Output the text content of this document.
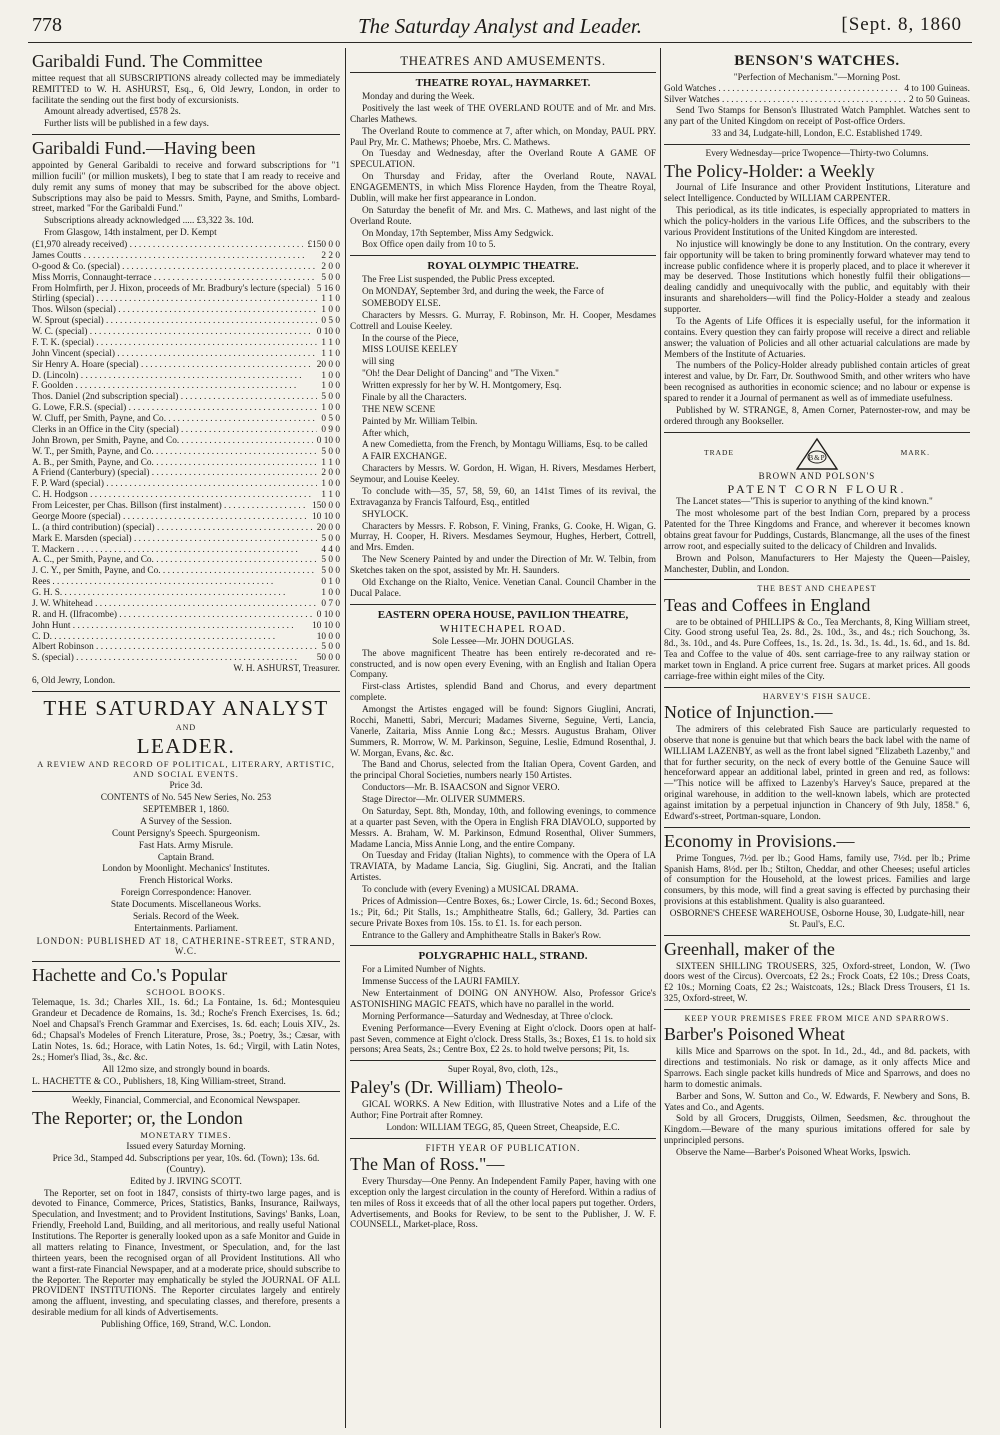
778	The Saturday Analyst and Leader.	[Sept. 8, 1860
Garibaldi Fund. The Committee

mittee request that all SUBSCRIPTIONS already collected may be immediately REMITTED to W. H. ASHURST, Esq., 6, Old Jewry, London, in order to facilitate the sending out the first body of excursionists.

Amount already advertised, £578 2s.

Further lists will be published in a few days.

Garibaldi Fund.—Having been

appointed by General Garibaldi to receive and forward subscriptions for "1 million fucili" (or million muskets), I beg to state that I am ready to receive and duly remit any sums of money that may be subscribed for the above object. Subscriptions may also be paid to Messrs. Smith, Payne, and Smiths, Lombard-street, marked "For the Garibaldi Fund."

Subscriptions already acknowledged ..... £3,322 3s. 10d.

From Glasgow, 14th instalment, per D. Kempt

(£1,970 already received) . . .	£150 0 0
James Coutts . . .	2 2 0
O-good & Co. (special) . . .	2 0 0
Miss Morris, Connaught-terrace . . .	5 0 0
From Holmfirth, per J. Hixon, proceeds of Mr. Bradbury's lecture (special) . . . 5 16 0
Stirling (special) . . .	1 1 0
Thos. Wilson (special) . . .	1 0 0
W. Sprout (special) . . .	0 5 0
W. C. (special) . . .	0 10 0
F. T. K. (special) . . .	1 1 0
John Vincent (special) . . .	1 1 0
Sir Henry A. Hoare (special) . . .	20 0 0
D. (Lincoln) . . .	1 0 0
F. Goolden . . .	1 0 0
Thos. Daniel (2nd subscription special) . . .	5 0 0
G. Lowe, F.R.S. (special) . . .	1 0 0
W. Cluff, per Smith, Payne, and Co. . . .	0 5 0
Clerks in an Office in the City (special) . . .	0 9 0
John Brown, per Smith, Payne, and Co. . . .	0 10 0
W. T., per Smith, Payne, and Co. . . .	5 0 0
A. B., per Smith, Payne, and Co. . . .	1 1 0
A Friend (Canterbury) (special) . . .	2 0 0
F. P. Ward (special) . . .	1 0 0
C. H. Hodgson . . .	1 1 0
From Leicester, per Chas. Billson (first instalment) . . .	150 0 0
George Moore (special) . . .	10 10 0
L. (a third contribution) (special) . . .	20 0 0
Mark E. Marsden (special) . . .	5 0 0
T. Mackern . . .	4 4 0
A. C., per Smith, Payne, and Co. . . .	5 0 0
J. C. Y., per Smith, Payne, and Co. . . .	5 0 0
Rees . . .	0 1 0
G. H. S. . . .	1 0 0
J. W. Whitehead . . .	0 7 0
R. and H. (Ilfracombe) . . .	0 10 0
John Hunt . . .	10 10 0
C. D. . . .	10 0 0
Albert Robinson . . .	5 0 0
S. (special) . . .	50 0 0

W. H. ASHURST, Treasurer.

6, Old Jewry, London.

THE SATURDAY ANALYST

AND

LEADER.

A REVIEW AND RECORD OF POLITICAL, LITERARY, ARTISTIC, AND SOCIAL EVENTS.

Price 3d.

CONTENTS of No. 545 New Series, No. 253

SEPTEMBER 1, 1860.

A Survey of the Session.

Count Persigny's Speech. Spurgeonism.

Fast Hats. Army Misrule.

Captain Brand.

London by Moonlight. Mechanics' Institutes.

French Historical Works.

Foreign Correspondence: Hanover.

State Documents. Miscellaneous Works.

Serials. Record of the Week.

Entertainments. Parliament.

LONDON: PUBLISHED AT 18, CATHERINE-STREET, STRAND, W.C.

Hachette and Co.'s Popular

SCHOOL BOOKS.

Telemaque, 1s. 3d.; Charles XII., 1s. 6d.; La Fontaine, 1s. 6d.; Montesquieu Grandeur et Decadence de Romains, 1s. 3d.; Roche's French Exercises, 1s. 6d.; Noel and Chapsal's French Grammar and Exercises, 1s. 6d. each; Louis XIV., 2s. 6d.; Chapsal's Modeles of French Literature, Prose, 3s.; Poetry, 3s.; Cæsar, with Latin Notes, 1s. 6d.; Horace, with Latin Notes, 1s. 6d.; Virgil, with Latin Notes, 2s.; Homer's Iliad, 3s., &c. &c.

All 12mo size, and strongly bound in boards.

L. HACHETTE & CO., Publishers, 18, King William-street, Strand.

Weekly, Financial, Commercial, and Economical Newspaper.

The Reporter; or, the London

MONETARY TIMES.

Issued every Saturday Morning.

Price 3d., Stamped 4d. Subscriptions per year, 10s. 6d. (Town); 13s. 6d. (Country).

Edited by J. IRVING SCOTT.

The Reporter, set on foot in 1847, consists of thirty-two large pages, and is devoted to Finance, Commerce, Prices, Statistics, Banks, Insurance, Railways, Speculation, and Investment; and to Provident Institutions, Savings' Banks, Loan, Friendly, Freehold Land, Building, and all meritorious, and really useful National Institutions. The Reporter is generally looked upon as a safe Monitor and Guide in all matters relating to Finance, Investment, or Speculation, and, for the last thirteen years, been the recognised organ of all Provident Institutions. All who want a first-rate Financial Newspaper, and at a moderate price, should subscribe to the Reporter. The Reporter may emphatically be styled the JOURNAL OF ALL PROVIDENT INSTITUTIONS. The Reporter circulates largely and entirely among the affluent, investing, and speculating classes, and therefore, presents a desirable medium for all kinds of Advertisements.

Publishing Office, 169, Strand, W.C. London.

THEATRES AND AMUSEMENTS.
THEATRE ROYAL, HAYMARKET.

Monday and during the Week.

Positively the last week of THE OVERLAND ROUTE and of Mr. and Mrs. Charles Mathews.

The Overland Route to commence at 7, after which, on Monday, PAUL PRY. Paul Pry, Mr. C. Mathews; Phoebe, Mrs. C. Mathews.

On Tuesday and Wednesday, after the Overland Route A GAME OF SPECULATION.

On Thursday and Friday, after the Overland Route, NAVAL ENGAGEMENTS, in which Miss Florence Hayden, from the Theatre Royal, Dublin, will make her first appearance in London.

On Saturday the benefit of Mr. and Mrs. C. Mathews, and last night of the Overland Route.

On Monday, 17th September, Miss Amy Sedgwick.

Box Office open daily from 10 to 5.

ROYAL OLYMPIC THEATRE.

The Free List suspended, the Public Press excepted.

On MONDAY, September 3rd, and during the week, the Farce of

SOMEBODY ELSE.

Characters by Messrs. G. Murray, F. Robinson, Mr. H. Cooper, Mesdames Cottrell and Louise Keeley.

In the course of the Piece,

MISS LOUISE KEELEY

will sing

"Oh! the Dear Delight of Dancing" and "The Vixen."

Written expressly for her by W. H. Montgomery, Esq.

Finale by all the Characters.

THE NEW SCENE

Painted by Mr. William Telbin.

After which,

A new Comedietta, from the French, by Montagu Williams, Esq. to be called

A FAIR EXCHANGE.

Characters by Messrs. W. Gordon, H. Wigan, H. Rivers, Mesdames Herbert, Seymour, and Louise Keeley.

To conclude with—35, 57, 58, 59, 60, an 141st Times of its revival, the Extravaganza by Francis Talfourd, Esq., entitled

SHYLOCK.

Characters by Messrs. F. Robson, F. Vining, Franks, G. Cooke, H. Wigan, G. Murray, H. Cooper, H. Rivers. Mesdames Seymour, Hughes, Herbert, Cottrell, and Mrs. Emden.

The New Scenery Painted by and under the Direction of Mr. W. Telbin, from Sketches taken on the spot, assisted by Mr. H. Saunders.

Old Exchange on the Rialto, Venice. Venetian Canal. Council Chamber in the Ducal Palace.

EASTERN OPERA HOUSE, PAVILION THEATRE,

WHITECHAPEL ROAD.

Sole Lessee—Mr. JOHN DOUGLAS.

The above magnificent Theatre has been entirely re-decorated and re-constructed, and is now open every Evening, with an English and Italian Opera Company.

First-class Artistes, splendid Band and Chorus, and every department complete.

Amongst the Artistes engaged will be found: Signors Giuglini, Ancrati, Rocchi, Manetti, Sabri, Mercuri; Madames Siverne, Seguine, Verti, Lancia, Vanerle, Zaitaria, Miss Annie Long &c.; Messrs. Augustus Braham, Oliver Summers, R. Morrow, W. M. Parkinson, Seguine, Leslie, Edmund Rosenthal, J. W. Morgan, Evans, &c. &c.

The Band and Chorus, selected from the Italian Opera, Covent Garden, and the principal Choral Societies, numbers nearly 150 Artistes.

Conductors—Mr. B. ISAACSON and Signor VERO.

Stage Director—Mr. OLIVER SUMMERS.

On Saturday, Sept. 8th, Monday, 10th, and following evenings, to commence at a quarter past Seven, with the Opera in English FRA DIAVOLO, supported by Messrs. A. Braham, W. M. Parkinson, Edmund Rosenthal, Oliver Summers, Madame Lancia, Miss Annie Long, and the entire Company.

On Tuesday and Friday (Italian Nights), to commence with the Opera of LA TRAVIATA, by Madame Lancia, Sig. Giuglini, Sig. Ancrati, and the Italian Artistes.

To conclude with (every Evening) a MUSICAL DRAMA.

Prices of Admission—Centre Boxes, 6s.; Lower Circle, 1s. 6d.; Second Boxes, 1s.; Pit, 6d.; Pit Stalls, 1s.; Amphitheatre Stalls, 6d.; Gallery, 3d. Parties can secure Private Boxes from 10s. 15s. to £1. 1s. for each person.

Entrance to the Gallery and Amphitheatre Stalls in Baker's Row.

POLYGRAPHIC HALL, STRAND.

For a Limited Number of Nights.

Immense Success of the LAURI FAMILY.

New Entertainment of DOING ON ANYHOW. Also, Professor Grice's ASTONISHING MAGIC FEATS, which have no parallel in the world.

Morning Performance—Saturday and Wednesday, at Three o'clock.

Evening Performance—Every Evening at Eight o'clock. Doors open at half-past Seven, commence at Eight o'clock. Dress Stalls, 3s.; Boxes, £1 1s. to hold six persons; Area Seats, 2s.; Centre Box, £2 2s. to hold twelve persons; Pit, 1s.

Super Royal, 8vo, cloth, 12s.,

Paley's (Dr. William) Theolo-

GICAL WORKS. A New Edition, with Illustrative Notes and a Life of the Author; Fine Portrait after Romney.

London: WILLIAM TEGG, 85, Queen Street, Cheapside, E.C.

FIFTH YEAR OF PUBLICATION.

The Man of Ross."—

Every Thursday—One Penny. An Independent Family Paper, having with one exception only the largest circulation in the county of Hereford. Within a radius of ten miles of Ross it exceeds that of all the other local papers put together. Orders, Advertisements, and Books for Review, to be sent to the Publisher, J. W. F. COUNSELL, Market-place, Ross.

BENSON'S WATCHES.

"Perfection of Mechanism."—Morning Post.

Gold Watches . . .	4 to 100 Guineas.
Silver Watches . . .	2 to 50 Guineas.

Send Two Stamps for Benson's Illustrated Watch Pamphlet. Watches sent to any part of the United Kingdom on receipt of Post-office Orders.

33 and 34, Ludgate-hill, London, E.C. Established 1749.

Every Wednesday—price Twopence—Thirty-two Columns.

The Policy-Holder: a Weekly

Journal of Life Insurance and other Provident Institutions, Literature and select Intelligence. Conducted by WILLIAM CARPENTER.

This periodical, as its title indicates, is especially appropriated to matters in which the policy-holders in the various Life Offices, and the subscribers to the various Provident Institutions of the United Kingdom are interested.

No injustice will knowingly be done to any Institution. On the contrary, every fair opportunity will be taken to bring prominently forward whatever may tend to increase public confidence where it is properly placed, and to place it wherever it may be deserved. Those Institutions which honestly fulfil their obligations—dealing candidly and unequivocally with the public, and equitably with their insurants and shareholders—will find the Policy-Holder a steady and zealous supporter.

To the Agents of Life Offices it is especially useful, for the information it contains. Every question they can fairly propose will receive a direct and reliable answer; the valuation of Policies and all other actuarial calculations are made by Members of the Institute of Actuaries.

The numbers of the Policy-Holder already published contain articles of great interest and value, by Dr. Farr, Dr. Southwood Smith, and other writers who have been recognised as authorities in economic science; and no labour or expense is spared to render it a Journal of permanent as well as of immediate usefulness.

Published by W. STRANGE, 8, Amen Corner, Paternoster-row, and may be ordered through any Bookseller.

TRADE
B&P
MARK.

BROWN AND POLSON'S

PATENT CORN FLOUR.

The Lancet states—"This is superior to anything of the kind known."

The most wholesome part of the best Indian Corn, prepared by a process Patented for the Three Kingdoms and France, and wherever it becomes known obtains great favour for Puddings, Custards, Blancmange, all the uses of the finest arrow root, and especially suited to the delicacy of Children and Invalids.

Brown and Polson, Manufacturers to Her Majesty the Queen—Paisley, Manchester, Dublin, and London.

THE BEST AND CHEAPEST

Teas and Coffees in England

are to be obtained of PHILLIPS & Co., Tea Merchants, 8, King William street, City. Good strong useful Tea, 2s. 8d., 2s. 10d., 3s., and 4s.; rich Souchong, 3s. 8d., 3s. 10d., and 4s. Pure Coffees, 1s., 1s. 2d., 1s. 3d., 1s. 4d., 1s. 6d., and 1s. 8d. Tea and Coffee to the value of 40s. sent carriage-free to any railway station or market town in England. A price current free. Sugars at market prices. All goods carriage-free within eight miles of the City.

HARVEY'S FISH SAUCE.

Notice of Injunction.—

The admirers of this celebrated Fish Sauce are particularly requested to observe that none is genuine but that which bears the back label with the name of WILLIAM LAZENBY, as well as the front label signed "Elizabeth Lazenby," and that for further security, on the neck of every bottle of the Genuine Sauce will henceforward appear an additional label, printed in green and red, as follows:—"This notice will be affixed to Lazenby's Harvey's Sauce, prepared at the original warehouse, in addition to the well-known labels, which are protected against imitation by a perpetual injunction in Chancery of 9th July, 1858." 6, Edward's-street, Portman-square, London.

Economy in Provisions.—

Prime Tongues, 7½d. per lb.; Good Hams, family use, 7½d. per lb.; Prime Spanish Hams, 8½d. per lb.; Stilton, Cheddar, and other Cheeses; useful articles of consumption for the Household, at the lowest prices. Families and large consumers, by this mode, will find a great saving is effected by purchasing their provisions at this establishment. Quality is also guaranteed.

OSBORNE'S CHEESE WAREHOUSE, Osborne House, 30, Ludgate-hill, near St. Paul's, E.C.

Greenhall, maker of the

SIXTEEN SHILLING TROUSERS, 325, Oxford-street, London, W. (Two doors west of the Circus). Overcoats, £2 2s.; Frock Coats, £2 10s.; Dress Coats, £2 10s.; Morning Coats, £2 2s.; Waistcoats, 12s.; Black Dress Trousers, £1 1s. 325, Oxford-street, W.

KEEP YOUR PREMISES FREE FROM MICE AND SPARROWS.

Barber's Poisoned Wheat

kills Mice and Sparrows on the spot. In 1d., 2d., 4d., and 8d. packets, with directions and testimonials. No risk or damage, as it only affects Mice and Sparrows. Each single packet kills hundreds of Mice and Sparrows, and does no harm to domestic animals.

Barber and Sons, W. Sutton and Co., W. Edwards, F. Newbery and Sons, B. Yates and Co., and Agents.

Sold by all Grocers, Druggists, Oilmen, Seedsmen, &c. throughout the Kingdom.—Beware of the many spurious imitations offered for sale by unprincipled persons.

Observe the Name—Barber's Poisoned Wheat Works, Ipswich.
